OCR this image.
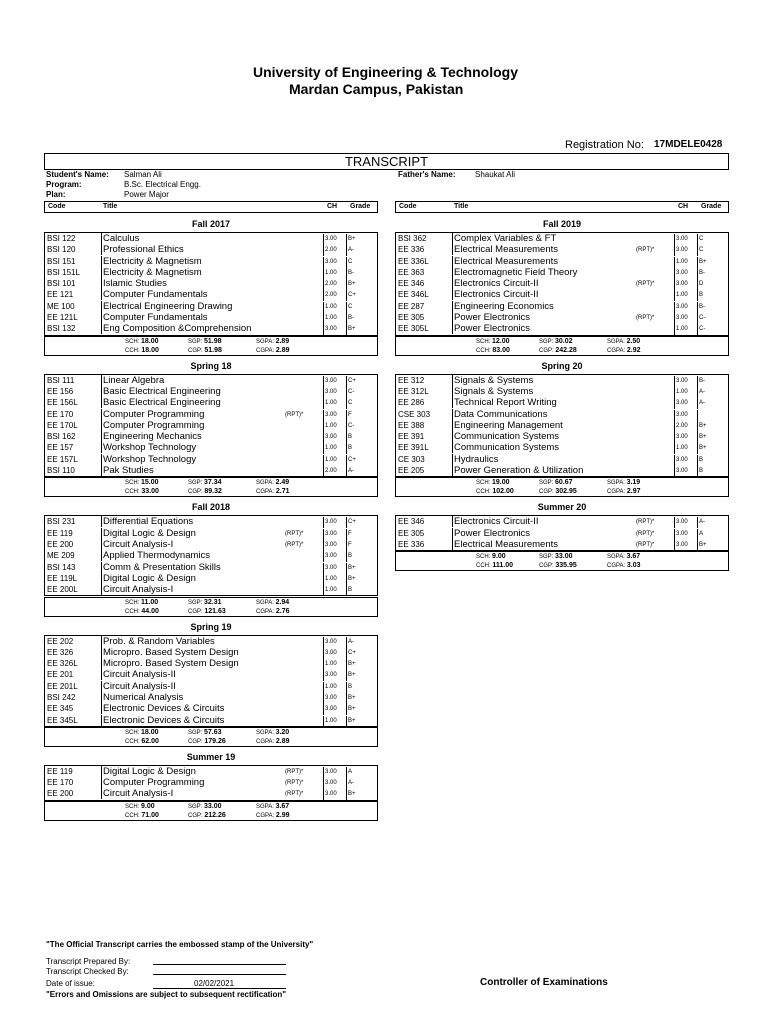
University of Engineering & Technology
Mardan Campus, Pakistan
Registration No: 17MDELE0428
TRANSCRIPT
Student's Name: Salman Ali	Father's Name: Shaukat Ali
Program:	B.Sc. Electrical Engg.
Plan:	Power Major
Code	Title	CH Grade	Code	Title	CH Grade
Fall 2017
BSI 122	Calculus	3.00	B+
BSI 120	Professional Ethics	2.00	A-
BSI 151	Electricity & Magnetism	3.00	C
BSI 151L Electricity & Magnetism	1.00	B-
BSI 101	Islamic Studies	2.00	B+
EE 121	Computer Fundamentals	2.00	C+
ME 100	Electrical Engineering Drawing	1.00	C
EE 121L	Computer Fundamentals	1.00	B-
BSI 132	Eng Composition &Comprehension	3.00	B+
SCH: 18.00	SGP: 51.98	SGPA: 2.89
CCH: 18.00	CGP: 51.98	CGPA: 2.89
Spring 18
BSI 111	Linear Algebra	3.00	C+
EE 156	Basic Electrical Engineering	3.00	C-
EE 156L	Basic Electrical Engineering	1.00	C
EE 170	Computer Programming	(RPT)*	3.00	F
EE 170L	Computer Programming	1.00	C-
BSI 162	Engineering Mechanics	3.00	B
EE 157	Workshop Technology	1.00	B
EE 157L	Workshop Technology	1.00	C+
BSI 110	Pak Studies	2.00	A-
SCH: 15.00	SGP: 37.34	SGPA: 2.49
CCH: 33.00	CGP: 89.32	CGPA: 2.71
Fall 2018
BSI 231	Differential Equations	3.00	C+
EE 119	Digital Logic & Design	(RPT)*	3.00	F
EE 200	Circuit Analysis-I	(RPT)*	3.00	F
ME 209	Applied Thermodynamics	3.00	B
BSI 143	Comm & Presentation Skills	3.00	B+
EE 119L	Digital Logic & Design	1.00	B+
EE 200L	Circuit Analysis-I	1.00	B
SCH: 11.00	SGP: 32.31	SGPA: 2.94
CCH: 44.00	CGP: 121.63	CGPA: 2.76
Spring 19
EE 202	Prob. & Random Variables	3.00	A-
EE 326	Micropro. Based System Design	3.00	C+
EE 326L	Micropro. Based System Design	1.00	B+
EE 201	Circuit Analysis-II	3.00	B+
EE 201L	Circuit Analysis-II	1.00	B
BSI 242	Numerical Analysis	3.00	B+
EE 345	Electronic Devices & Circuits	3.00	B+
EE 345L	Electronic Devices & Circuits	1.00	B+
SCH: 18.00	SGP: 57.63	SGPA: 3.20
CCH: 62.00	CGP: 179.26	CGPA: 2.89
Summer 19
EE 119	Digital Logic & Design	(RPT)*	3.00	A
EE 170	Computer Programming	(RPT)*	3.00	A-
EE 200	Circuit Analysis-I	(RPT)*	3.00	B+
SCH: 9.00	SGP: 33.00	SGPA: 3.67
CCH: 71.00	CGP: 212.26	CGPA: 2.99
Fall 2019
BSI 362	Complex Variables & FT	3.00	C
EE 336	Electrical Measurements	(RPT)*	3.00	C
EE 336L	Electrical Measurements	1.00	B+
EE 363	Electromagnetic Field Theory	3.00	B-
EE 346	Electronics Circuit-II	(RPT)*	3.00	D
EE 346L	Electronics Circuit-II	1.00	B
EE 287	Engineering Economics	3.00	B-
EE 305	Power Electronics	(RPT)*	3.00	C-
EE 305L	Power Electronics	1.00	C-
SCH: 12.00	SGP: 30.02	SGPA: 2.50
CCH: 83.00	CGP: 242.28	CGPA: 2.92
Spring 20
EE 312	Signals & Systems	3.00	B-
EE 312L	Signals & Systems	1.00	A-
EE 286	Technical Report Writing	3.00	A-
CSE 303	Data Communications	3.00
EE 388	Engineering Management	2.00	B+
EE 391	Communication Systems	3.00	B+
EE 391L	Communication Systems	1.00	B+
CE 303	Hydraulics	3.00	B
EE 205	Power Generation & Utilization	3.00	B
SCH: 19.00	SGP: 60.67	SGPA: 3.19
CCH: 102.00	CGP: 302.95	CGPA: 2.97
Summer 20
EE 346	Electronics Circuit-II	(RPT)*	3.00	A-
EE 305	Power Electronics	(RPT)*	3.00	A
EE 336	Electrical Measurements	(RPT)*	3.00	B+
SCH: 9.00	SGP: 33.00	SGPA: 3.67
CCH: 111.00	CGP: 335.95	CGPA: 3.03
"The Official Transcript carries the embossed stamp of the University"
Transcript Prepared By:
Transcript Checked By:
Date of issue:	02/02/2021
"Errors and Omissions are subject to subsequent rectification"
Controller of Examinations
